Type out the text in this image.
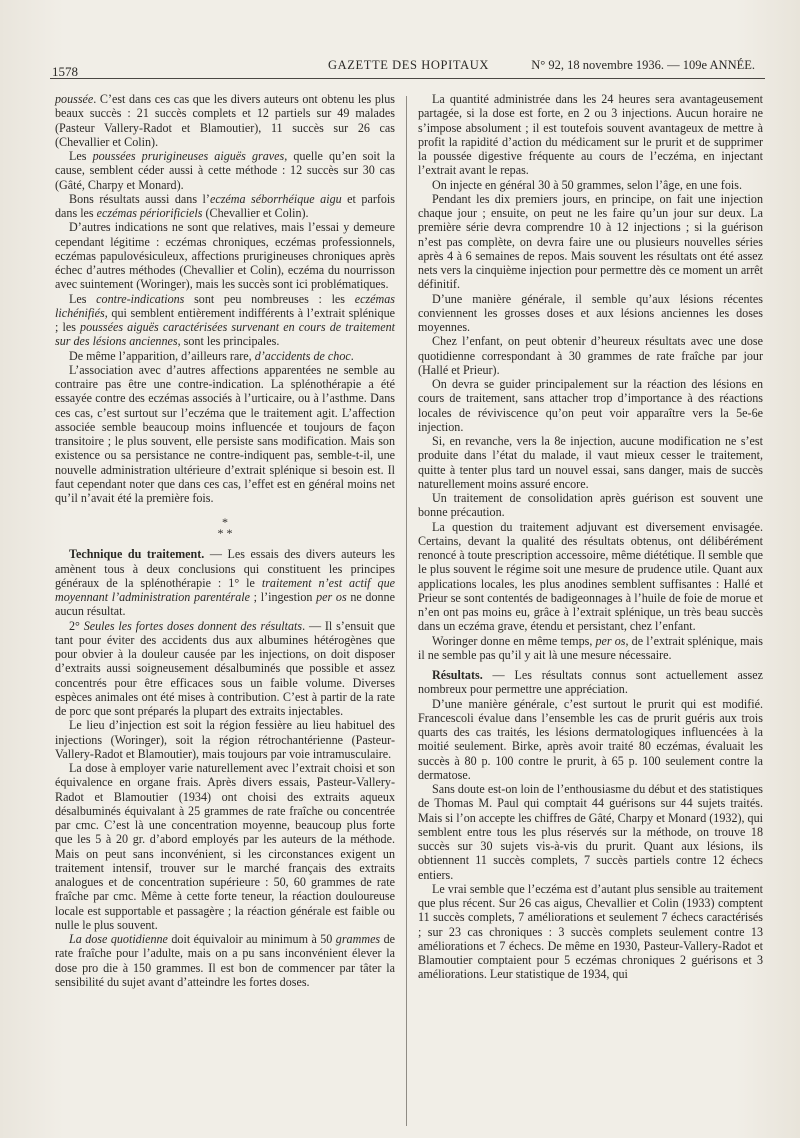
1578	GAZETTE DES HOPITAUX	N° 92, 18 novembre 1936. — 109e ANNÉE.

poussée. C’est dans ces cas que les divers auteurs ont obtenu les plus beaux succès : 21 succès complets et 12 partiels sur 49 malades (Pasteur Vallery-Radot et Blamoutier), 11 succès sur 26 cas (Chevallier et Colin).

Les poussées prurigineuses aiguës graves, quelle qu’en soit la cause, semblent céder aussi à cette méthode : 12 succès sur 30 cas (Gâté, Charpy et Monard).

Bons résultats aussi dans l’eczéma séborrhéique aigu et parfois dans les eczémas périorificiels (Chevallier et Colin).

D’autres indications ne sont que relatives, mais l’essai y demeure cependant légitime : eczémas chroniques, eczémas professionnels, eczémas papulovésiculeux, affections prurigineuses chroniques après échec d’autres méthodes (Chevallier et Colin), eczéma du nourrisson avec suintement (Woringer), mais les succès sont ici problématiques.

Les contre-indications sont peu nombreuses : les eczémas lichénifiés, qui semblent entièrement indifférents à l’extrait splénique ; les poussées aiguës caractérisées survenant en cours de traitement sur des lésions anciennes, sont les principales.

De même l’apparition, d’ailleurs rare, d’accidents de choc.

L’association avec d’autres affections apparentées ne semble au contraire pas être une contre-indication. La splénothérapie a été essayée contre des eczémas associés à l’urticaire, ou à l’asthme. Dans ces cas, c’est surtout sur l’eczéma que le traitement agit. L’affection associée semble beaucoup moins influencée et toujours de façon transitoire ; le plus souvent, elle persiste sans modification. Mais son existence ou sa persistance ne contre-indiquent pas, semble-t-il, une nouvelle administration ultérieure d’extrait splénique si besoin est. Il faut cependant noter que dans ces cas, l’effet est en général moins net qu’il n’avait été la première fois.

*
* *

Technique du traitement. — Les essais des divers auteurs les amènent tous à deux conclusions qui constituent les principes généraux de la splénothérapie : 1° le traitement n’est actif que moyennant l’administration parentérale ; l’ingestion per os ne donne aucun résultat.

2° Seules les fortes doses donnent des résultats. — Il s’ensuit que tant pour éviter des accidents dus aux albumines hétérogènes que pour obvier à la douleur causée par les injections, on doit disposer d’extraits aussi soigneusement désalbuminés que possible et assez concentrés pour être efficaces sous un faible volume. Diverses espèces animales ont été mises à contribution. C’est à partir de la rate de porc que sont préparés la plupart des extraits injectables.

Le lieu d’injection est soit la région fessière au lieu habituel des injections (Woringer), soit la région rétrochantérienne (Pasteur-Vallery-Radot et Blamoutier), mais toujours par voie intramusculaire.

La dose à employer varie naturellement avec l’extrait choisi et son équivalence en organe frais. Après divers essais, Pasteur-Vallery-Radot et Blamoutier (1934) ont choisi des extraits aqueux désalbuminés équivalant à 25 grammes de rate fraîche ou concentrée par cmc. C’est là une concentration moyenne, beaucoup plus forte que les 5 à 20 gr. d’abord employés par les auteurs de la méthode. Mais on peut sans inconvénient, si les circonstances exigent un traitement intensif, trouver sur le marché français des extraits analogues et de concentration supérieure : 50, 60 grammes de rate fraîche par cmc. Même à cette forte teneur, la réaction douloureuse locale est supportable et passagère ; la réaction générale est faible ou nulle le plus souvent.

La dose quotidienne doit équivaloir au minimum à 50 grammes de rate fraîche pour l’adulte, mais on a pu sans inconvénient élever la dose pro die à 150 grammes. Il est bon de commencer par tâter la sensibilité du sujet avant d’atteindre les fortes doses.

La quantité administrée dans les 24 heures sera avantageusement partagée, si la dose est forte, en 2 ou 3 injections. Aucun horaire ne s’impose absolument ; il est toutefois souvent avantageux de mettre à profit la rapidité d’action du médicament sur le prurit et de supprimer la poussée digestive fréquente au cours de l’eczéma, en injectant l’extrait avant le repas.

On injecte en général 30 à 50 grammes, selon l’âge, en une fois.

Pendant les dix premiers jours, en principe, on fait une injection chaque jour ; ensuite, on peut ne les faire qu’un jour sur deux. La première série devra comprendre 10 à 12 injections ; si la guérison n’est pas complète, on devra faire une ou plusieurs nouvelles séries après 4 à 6 semaines de repos. Mais souvent les résultats ont été assez nets vers la cinquième injection pour permettre dès ce moment un arrêt définitif.

D’une manière générale, il semble qu’aux lésions récentes conviennent les grosses doses et aux lésions anciennes les doses moyennes.

Chez l’enfant, on peut obtenir d’heureux résultats avec une dose quotidienne correspondant à 30 grammes de rate fraîche par jour (Hallé et Prieur).

On devra se guider principalement sur la réaction des lésions en cours de traitement, sans attacher trop d’importance à des réactions locales de réviviscence qu’on peut voir apparaître vers la 5e-6e injection.

Si, en revanche, vers la 8e injection, aucune modification ne s’est produite dans l’état du malade, il vaut mieux cesser le traitement, quitte à tenter plus tard un nouvel essai, sans danger, mais de succès naturellement moins assuré encore.

Un traitement de consolidation après guérison est souvent une bonne précaution.

La question du traitement adjuvant est diversement envisagée. Certains, devant la qualité des résultats obtenus, ont délibérément renoncé à toute prescription accessoire, même diététique. Il semble que le plus souvent le régime soit une mesure de prudence utile. Quant aux applications locales, les plus anodines semblent suffisantes : Hallé et Prieur se sont contentés de badigeonnages à l’huile de foie de morue et n’en ont pas moins eu, grâce à l’extrait splénique, un très beau succès dans un eczéma grave, étendu et persistant, chez l’enfant.

Woringer donne en même temps, per os, de l’extrait splénique, mais il ne semble pas qu’il y ait là une mesure nécessaire.

Résultats. — Les résultats connus sont actuellement assez nombreux pour permettre une appréciation.

D’une manière générale, c’est surtout le prurit qui est modifié. Francescoli évalue dans l’ensemble les cas de prurit guéris aux trois quarts des cas traités, les lésions dermatologiques influencées à la moitié seulement. Birke, après avoir traité 80 eczémas, évaluait les succès à 80 p. 100 contre le prurit, à 65 p. 100 seulement contre la dermatose.

Sans doute est-on loin de l’enthousiasme du début et des statistiques de Thomas M. Paul qui comptait 44 guérisons sur 44 sujets traités. Mais si l’on accepte les chiffres de Gâté, Charpy et Monard (1932), qui semblent entre tous les plus réservés sur la méthode, on trouve 18 succès sur 30 sujets vis-à-vis du prurit. Quant aux lésions, ils obtiennent 11 succès complets, 7 succès partiels contre 12 échecs entiers.

Le vrai semble que l’eczéma est d’autant plus sensible au traitement que plus récent. Sur 26 cas aigus, Chevallier et Colin (1933) comptent 11 succès complets, 7 améliorations et seulement 7 échecs caractérisés ; sur 23 cas chroniques : 3 succès complets seulement contre 13 améliorations et 7 échecs. De même en 1930, Pasteur-Vallery-Radot et Blamoutier comptaient pour 5 eczémas chroniques 2 guérisons et 3 améliorations. Leur statistique de 1934, qui
